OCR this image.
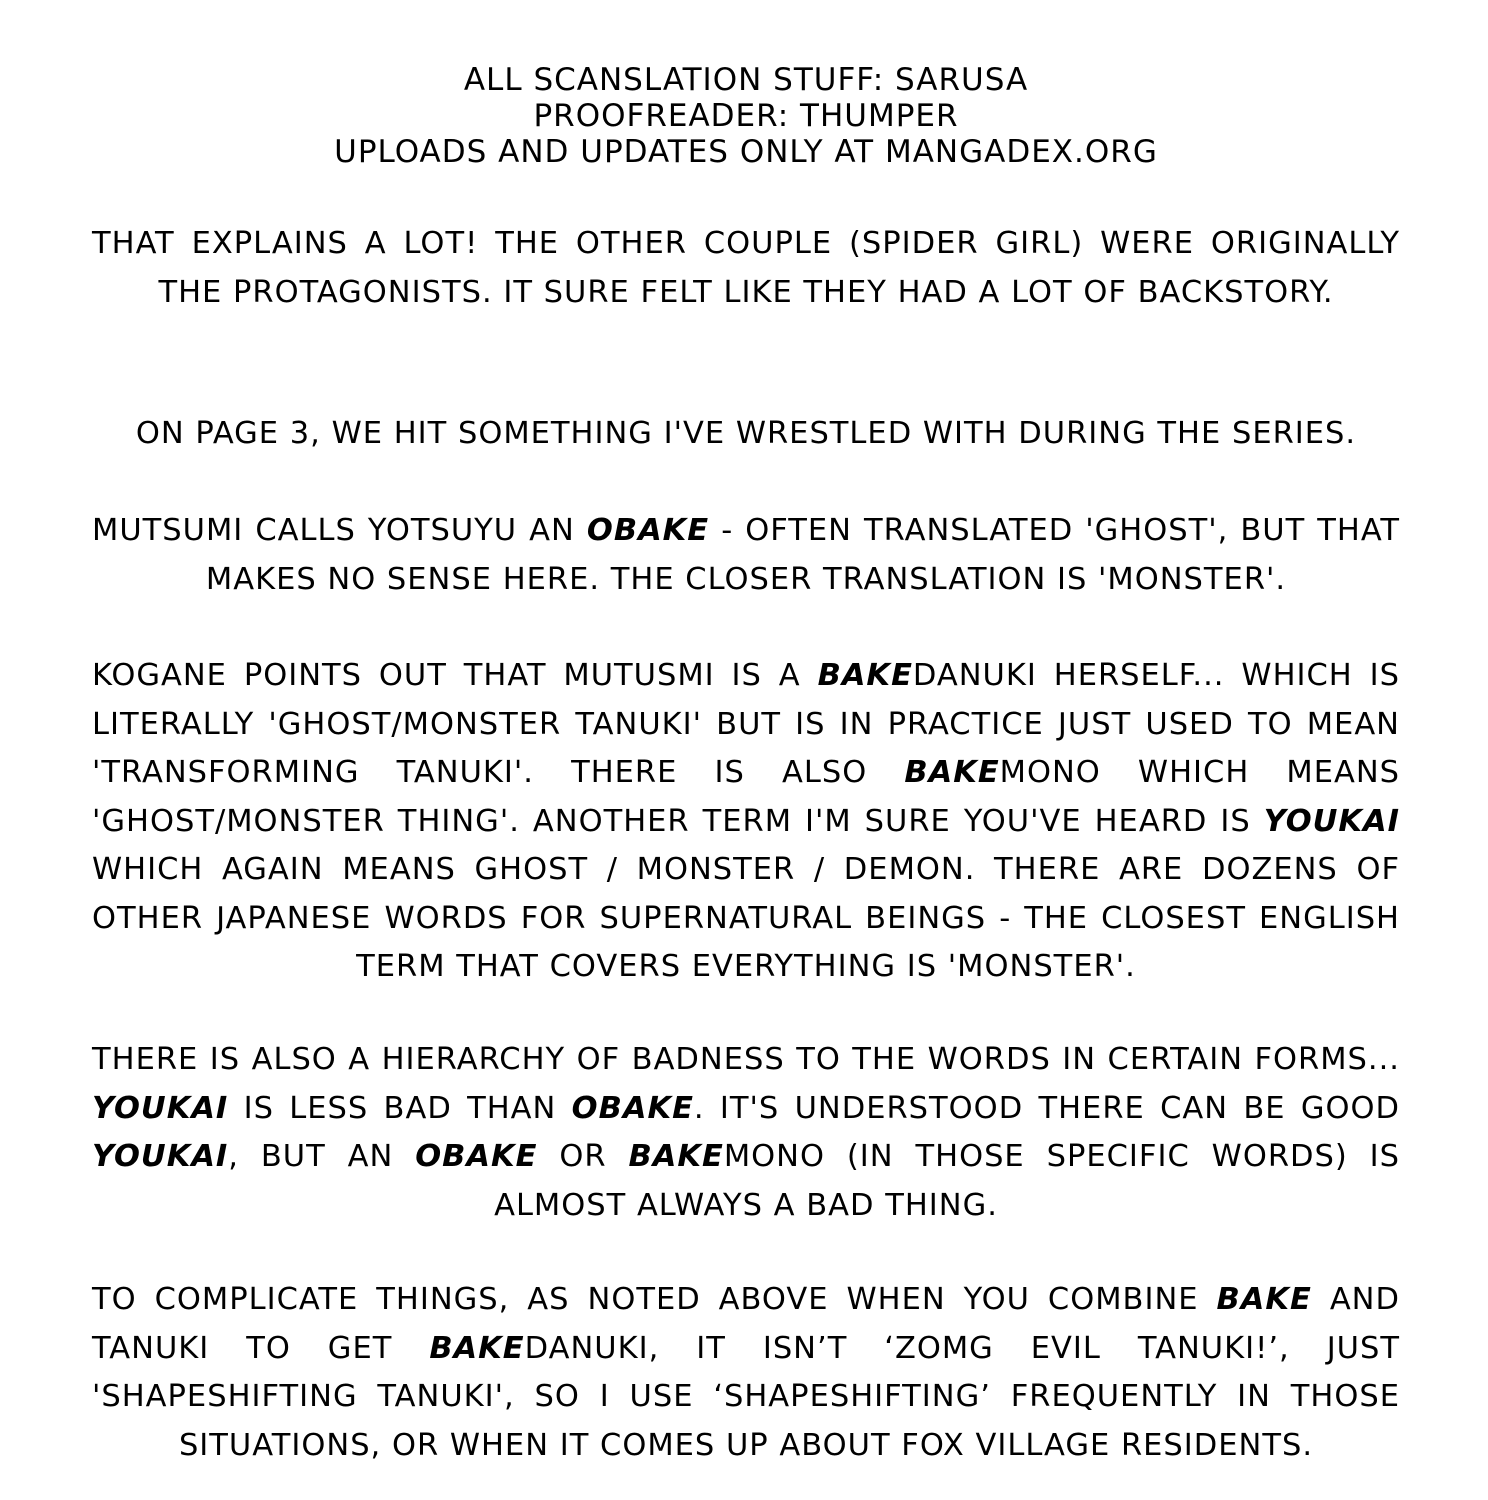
ALL SCANSLATION STUFF: SARUSA
PROOFREADER: THUMPER
UPLOADS AND UPDATES ONLY AT MANGADEX.ORG

THAT EXPLAINS A LOT! THE OTHER COUPLE (SPIDER GIRL) WERE ORIGINALLY THE PROTAGONISTS. IT SURE FELT LIKE THEY HAD A LOT OF BACKSTORY.

ON PAGE 3, WE HIT SOMETHING I'VE WRESTLED WITH DURING THE SERIES.

MUTSUMI CALLS YOTSUYU AN OBAKE - OFTEN TRANSLATED 'GHOST', BUT THAT MAKES NO SENSE HERE. THE CLOSER TRANSLATION IS 'MONSTER'.

KOGANE POINTS OUT THAT MUTUSMI IS A BAKEDANUKI HERSELF... WHICH IS LITERALLY 'GHOST/MONSTER TANUKI' BUT IS IN PRACTICE JUST USED TO MEAN 'TRANSFORMING TANUKI'. THERE IS ALSO BAKEMONO WHICH MEANS 'GHOST/MONSTER THING'. ANOTHER TERM I'M SURE YOU'VE HEARD IS YOUKAI WHICH AGAIN MEANS GHOST / MONSTER / DEMON. THERE ARE DOZENS OF OTHER JAPANESE WORDS FOR SUPERNATURAL BEINGS - THE CLOSEST ENGLISH TERM THAT COVERS EVERYTHING IS 'MONSTER'.

THERE IS ALSO A HIERARCHY OF BADNESS TO THE WORDS IN CERTAIN FORMS... YOUKAI IS LESS BAD THAN OBAKE. IT'S UNDERSTOOD THERE CAN BE GOOD YOUKAI, BUT AN OBAKE OR BAKEMONO (IN THOSE SPECIFIC WORDS) IS ALMOST ALWAYS A BAD THING.

TO COMPLICATE THINGS, AS NOTED ABOVE WHEN YOU COMBINE BAKE AND TANUKI TO GET BAKEDANUKI, IT ISN’T ‘ZOMG EVIL TANUKI!’, JUST 'SHAPESHIFTING TANUKI', SO I USE ‘SHAPESHIFTING’ FREQUENTLY IN THOSE SITUATIONS, OR WHEN IT COMES UP ABOUT FOX VILLAGE RESIDENTS.
